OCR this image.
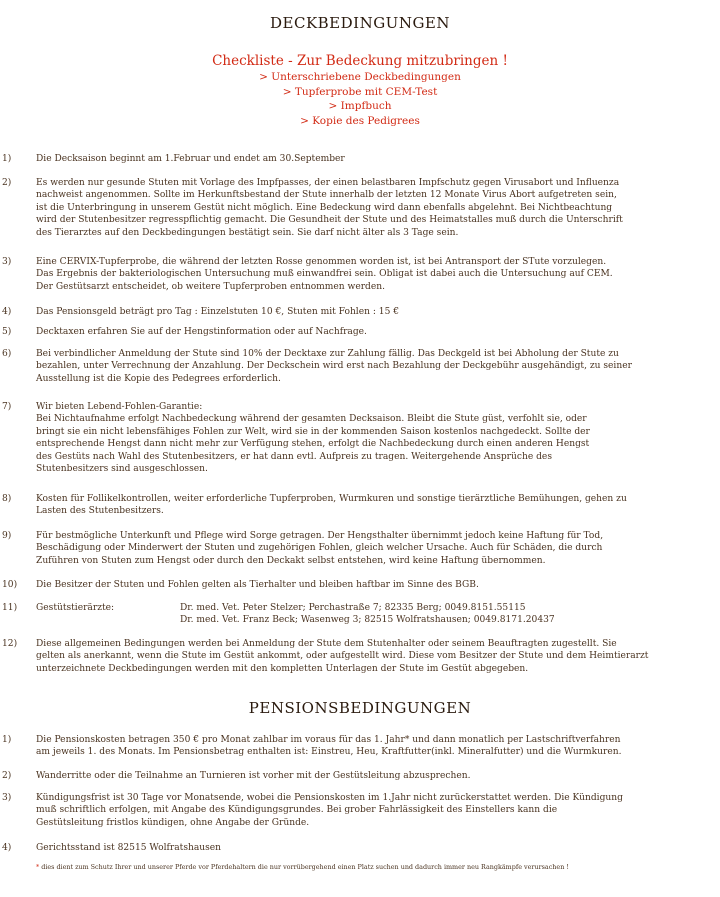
DECKBEDINGUNGEN
Checkliste - Zur Bedeckung mitzubringen !
> Unterschriebene Deckbedingungen
> Tupferprobe mit CEM-Test
> Impfbuch
> Kopie des Pedigrees
1)	Die Decksaison beginnt am 1.Februar und endet am 30.September
2)	Es werden nur gesunde Stuten mit Vorlage des Impfpasses, der einen belastbaren Impfschutz gegen Virusabort und Influenza
nachweist angenommen. Sollte im Herkunftsbestand der Stute innerhalb der letzten 12 Monate Virus Abort aufgetreten sein,
ist die Unterbringung in unserem Gestüt nicht möglich. Eine Bedeckung wird dann ebenfalls abgelehnt. Bei Nichtbeachtung
wird der Stutenbesitzer regresspflichtig gemacht. Die Gesundheit der Stute und des Heimatstalles muß durch die Unterschrift
des Tierarztes auf den Deckbedingungen bestätigt sein. Sie darf nicht älter als 3 Tage sein.
3)	Eine CERVIX-Tupferprobe, die während der letzten Rosse genommen worden ist, ist bei Antransport der STute vorzulegen.
Das Ergebnis der bakteriologischen Untersuchung muß einwandfrei sein. Obligat ist dabei auch die Untersuchung auf CEM.
Der Gestütsarzt entscheidet, ob weitere Tupferproben entnommen werden.
4)	Das Pensionsgeld beträgt pro Tag : Einzelstuten 10 €, Stuten mit Fohlen : 15 €
5)	Decktaxen erfahren Sie auf der Hengstinformation oder auf Nachfrage.
6)	Bei verbindlicher Anmeldung der Stute sind 10% der Decktaxe zur Zahlung fällig. Das Deckgeld ist bei Abholung der Stute zu
bezahlen, unter Verrechnung der Anzahlung. Der Deckschein wird erst nach Bezahlung der Deckgebühr ausgehändigt, zu seiner
Ausstellung ist die Kopie des Pedegrees erforderlich.
7)	Wir bieten Lebend-Fohlen-Garantie:
Bei Nichtaufnahme erfolgt Nachbedeckung während der gesamten Decksaison. Bleibt die Stute güst, verfohlt sie, oder
bringt sie ein nicht lebensfähiges Fohlen zur Welt, wird sie in der kommenden Saison kostenlos nachgedeckt. Sollte der
entsprechende Hengst dann nicht mehr zur Verfügung stehen, erfolgt die Nachbedeckung durch einen anderen Hengst
des Gestüts nach Wahl des Stutenbesitzers, er hat dann evtl. Aufpreis zu tragen. Weitergehende Ansprüche des
Stutenbesitzers sind ausgeschlossen.
8)	Kosten für Follikelkontrollen, weiter erforderliche Tupferproben, Wurmkuren und sonstige tierärztliche Bemühungen, gehen zu
Lasten des Stutenbesitzers.
9)	Für bestmögliche Unterkunft und Pflege wird Sorge getragen. Der Hengsthalter übernimmt jedoch keine Haftung für Tod,
Beschädigung oder Minderwert der Stuten und zugehörigen Fohlen, gleich welcher Ursache. Auch für Schäden, die durch
Zuführen von Stuten zum Hengst oder durch den Deckakt selbst entstehen, wird keine Haftung übernommen.
10)	Die Besitzer der Stuten und Fohlen gelten als Tierhalter und bleiben haftbar im Sinne des BGB.
11)	Gestütstierärzte:	Dr. med. Vet. Peter Stelzer; Perchastraße 7; 82335 Berg; 0049.8151.55115
Dr. med. Vet. Franz Beck; Wasenweg 3; 82515 Wolfratshausen; 0049.8171.20437
12)	Diese allgemeinen Bedingungen werden bei Anmeldung der Stute dem Stutenhalter oder seinem Beauftragten zugestellt. Sie
gelten als anerkannt, wenn die Stute im Gestüt ankommt, oder aufgestellt wird. Diese vom Besitzer der Stute und dem Heimtierarzt
unterzeichnete Deckbedingungen werden mit den kompletten Unterlagen der Stute im Gestüt abgegeben.
PENSIONSBEDINGUNGEN
1)	Die Pensionskosten betragen 350 € pro Monat zahlbar im voraus für das 1. Jahr* und dann monatlich per Lastschriftverfahren
am jeweils 1. des Monats. Im Pensionsbetrag enthalten ist: Einstreu, Heu, Kraftfutter(inkl. Mineralfutter) und die Wurmkuren.
2)	Wanderritte oder die Teilnahme an Turnieren ist vorher mit der Gestütsleitung abzusprechen.
3)	Kündigungsfrist ist 30 Tage vor Monatsende, wobei die Pensionskosten im 1.Jahr nicht zurückerstattet werden. Die Kündigung
muß schriftlich erfolgen, mit Angabe des Kündigungsgrundes. Bei grober Fahrlässigkeit des Einstellers kann die
Gestütsleitung fristlos kündigen, ohne Angabe der Gründe.
4)	Gerichtsstand ist 82515 Wolfratshausen
* dies dient zum Schutz Ihrer und unserer Pferde vor Pferdehaltern die nur vorrübergehend einen Platz suchen und dadurch immer neu Rangkämpfe verursachen !
